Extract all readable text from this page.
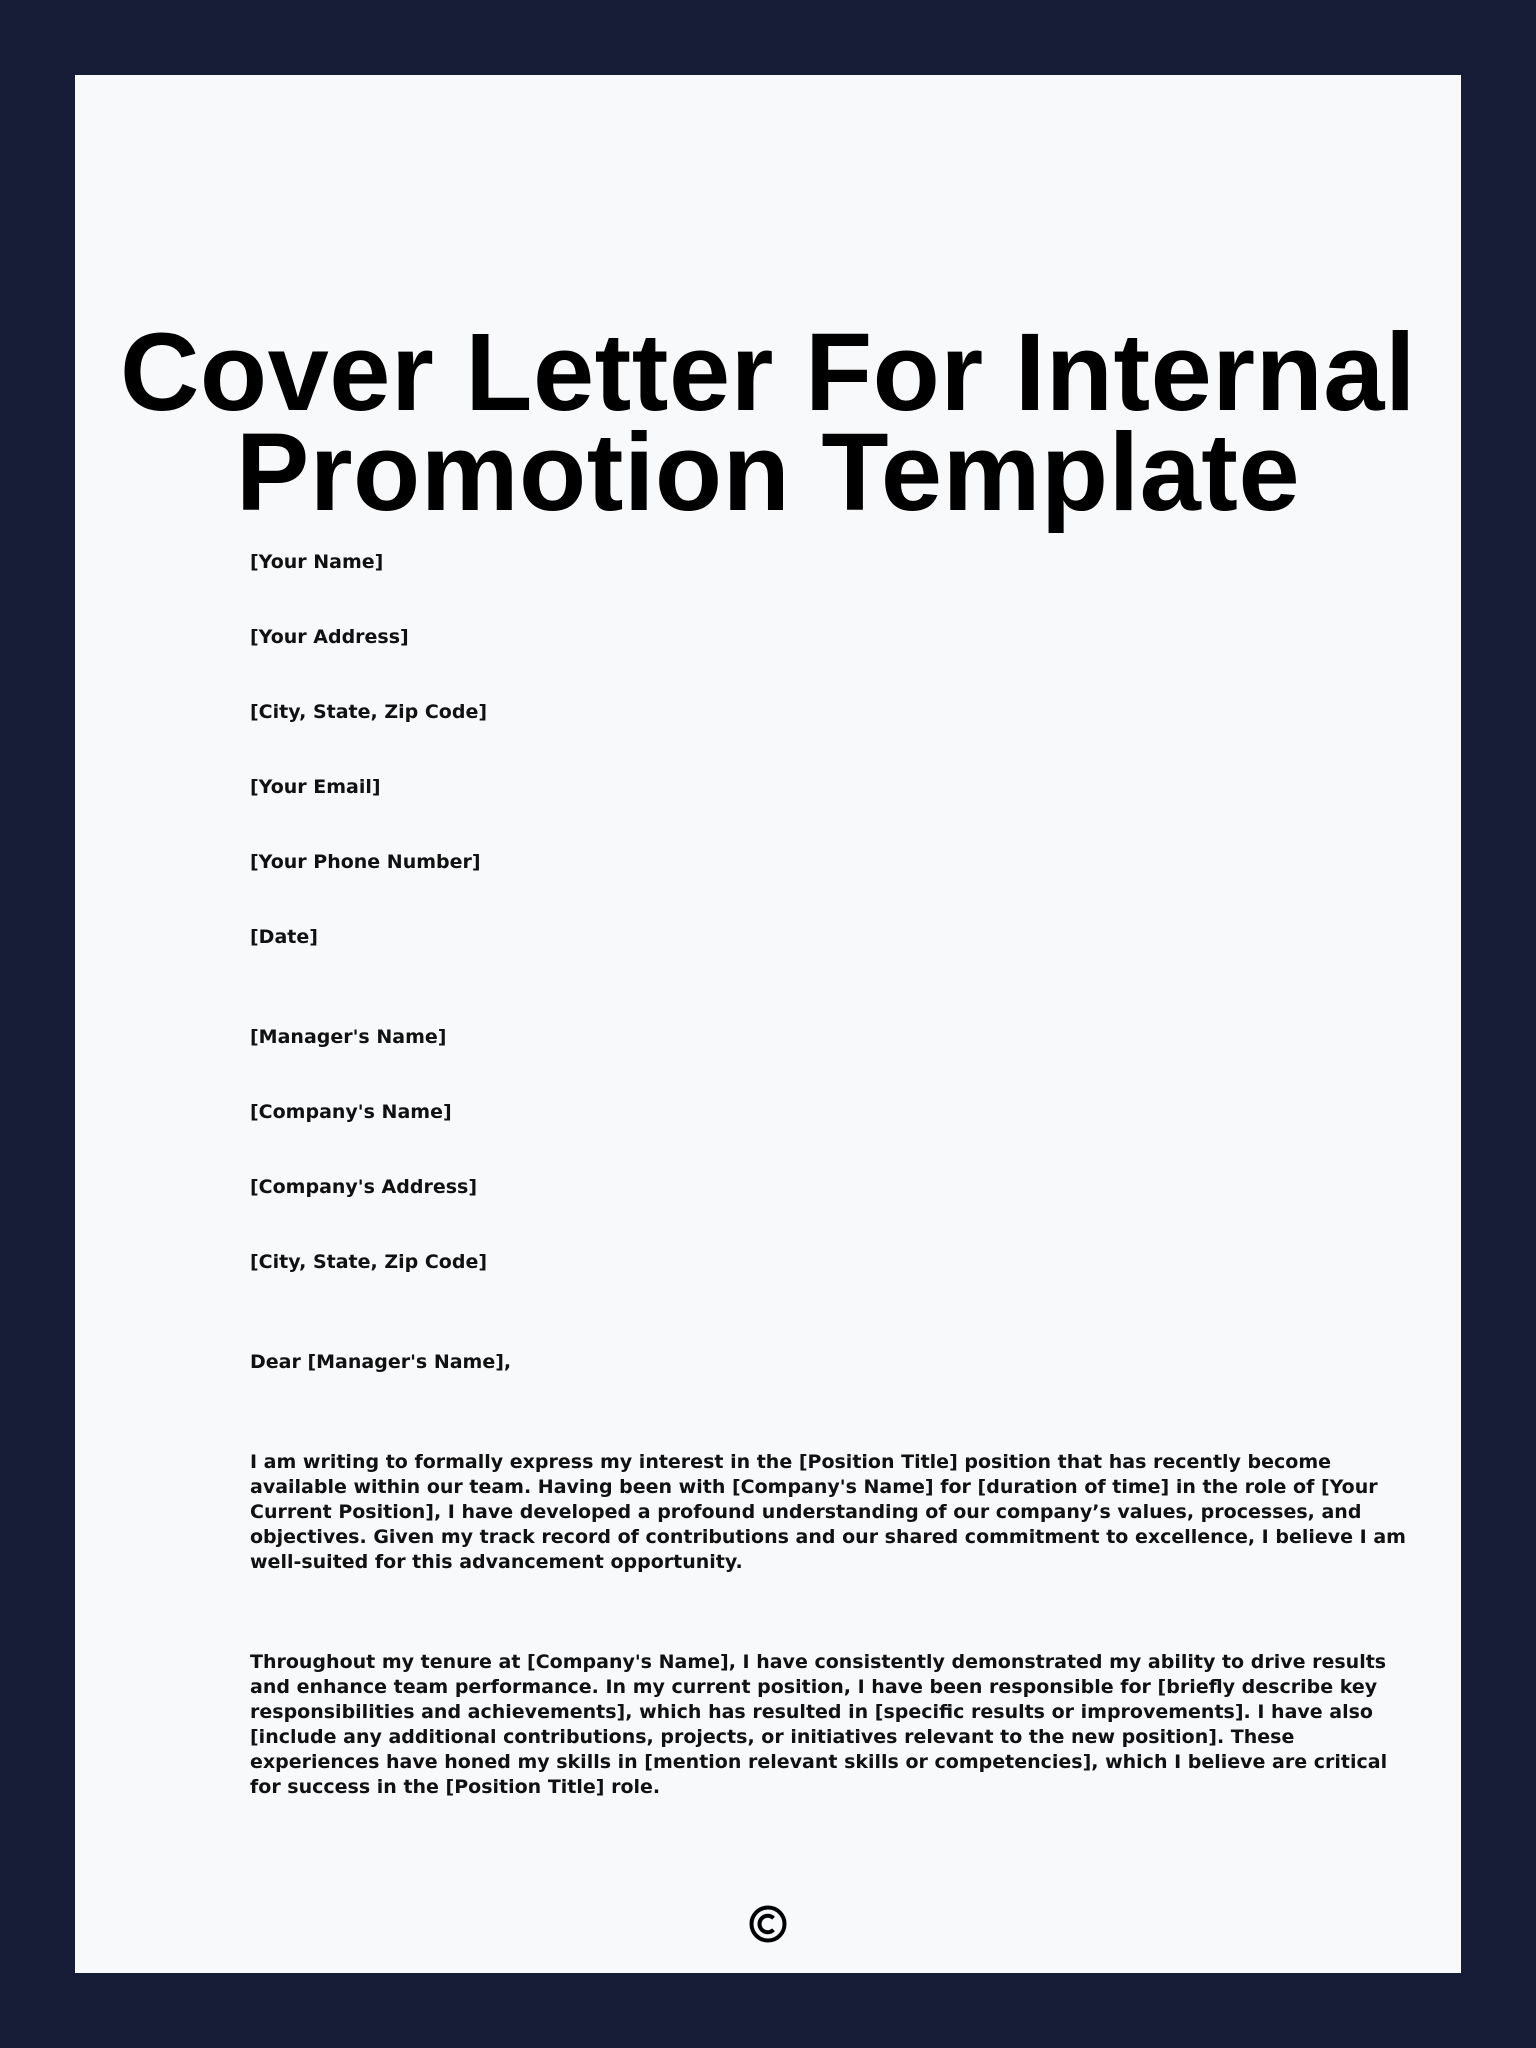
Cover Letter For Internal
Promotion Template

[Your Name]

[Your Address]

[City, State, Zip Code]

[Your Email]

[Your Phone Number]

[Date]

[Manager's Name]

[Company's Name]

[Company's Address]

[City, State, Zip Code]

Dear [Manager's Name],

I am writing to formally express my interest in the [Position Title] position that has recently become
available within our team. Having been with [Company's Name] for [duration of time] in the role of [Your
Current Position], I have developed a profound understanding of our company’s values, processes, and
objectives. Given my track record of contributions and our shared commitment to excellence, I believe I am
well-suited for this advancement opportunity.
Throughout my tenure at [Company's Name], I have consistently demonstrated my ability to drive results
and enhance team performance. In my current position, I have been responsible for [briefly describe key
responsibilities and achievements], which has resulted in [specific results or improvements]. I have also
[include any additional contributions, projects, or initiatives relevant to the new position]. These
experiences have honed my skills in [mention relevant skills or competencies], which I believe are critical
for success in the [Position Title] role.
